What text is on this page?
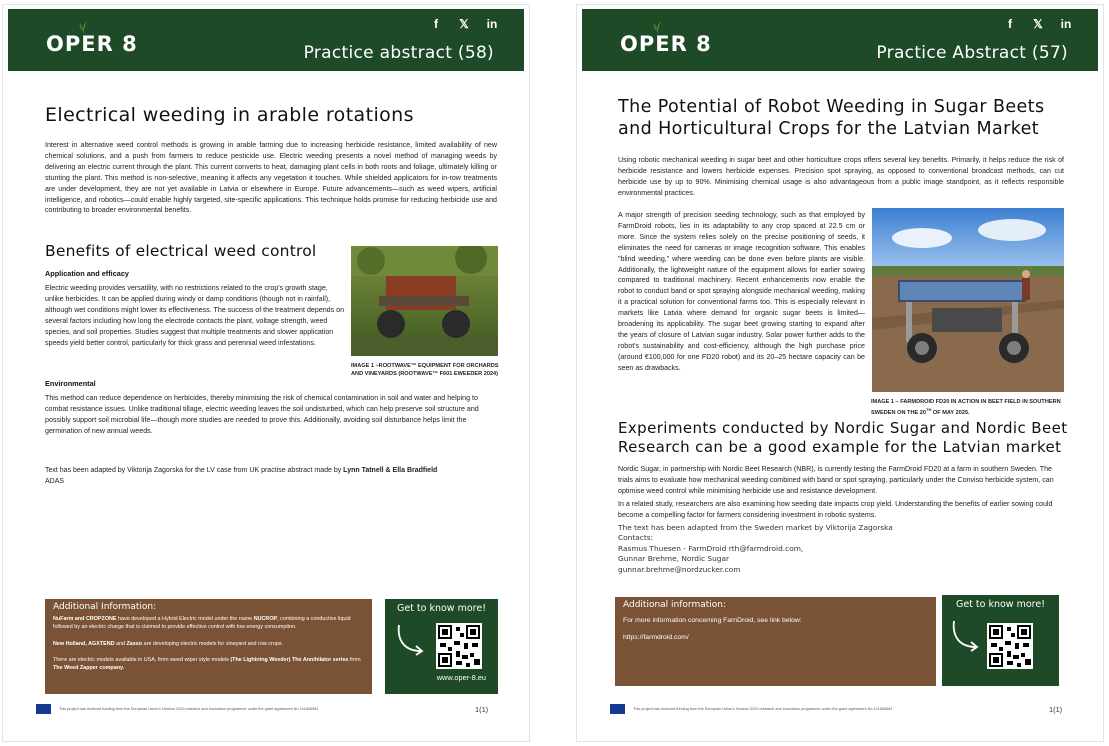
OPER 8
f	𝕏 in
Practice abstract (58)
Electrical weeding in arable rotations
Interest in alternative weed control methods is growing in arable farming due to increasing herbicide resistance, limited availability of new chemical solutions, and a push from farmers to reduce pesticide use. Electric weeding presents a novel method of managing weeds by delivering an electric current through the plant. This current converts to heat, damaging plant cells in both roots and foliage, ultimately killing or stunting the plant. This method is non-selective, meaning it affects any vegetation it touches. While shielded applicators for in-row treatments are under development, they are not yet available in Latvia or elsewhere in Europe. Future advancements—such as weed wipers, artificial intelligence, and robotics—could enable highly targeted, site-specific applications. This technique holds promise for reducing herbicide use and contributing to broader environmental benefits.
Benefits of electrical weed control
Application and efficacy
Electric weeding provides versatility, with no restrictions related to the crop's growth stage, unlike herbicides. It can be applied during windy or damp conditions (though not in rainfall), although wet conditions might lower its effectiveness. The success of the treatment depends on several factors including how long the electrode contacts the plant, voltage strength, weed species, and soil properties. Studies suggest that multiple treatments and slower application speeds yield better control, particularly for thick grass and perennial weed infestations.
IMAGE 1 –ROOTWAVE™ EQUIPMENT FOR ORCHARDS AND VINEYARDS (ROOTWAVE™ F601 EWEEDER 2024)
Environmental
This method can reduce dependence on herbicides, thereby minimising the risk of chemical contamination in soil and water and helping to combat resistance issues. Unlike traditional tillage, electric weeding leaves the soil undisturbed, which can help preserve soil structure and possibly support soil microbial life—though more studies are needed to prove this. Additionally, avoiding soil disturbance helps limit the germination of new annual weeds.
Text has been adapted by Viktorija Zagorska for the LV case from UK practise abstract made by Lynn Tatnell & Ella Bradfield
ADAS
Additional Information:
NuFarm and CROPZONE have developed a Hybrid Electric model under the name NUCROP, combining a conductive liquid followed by an electric charge that is claimed to provide effective control with low energy consumption.
New Holland, AGXTEND and Zasso are developing electric models for vineyard and row crops.
There are electric models available in USA, from weed wiper style models (The Lightning Weeder) The Annihilator series from The Weed Zapper company.
Get to know more!
www.oper-8.eu
This project has received funding from the European Union's Horizon 2020 research and innovation programme under the grant agreement No 101606581	1(1)
OPER 8
f	𝕏 in
Practice Abstract (57)
The Potential of Robot Weeding in Sugar Beets
and Horticultural Crops for the Latvian Market
Using robotic mechanical weeding in sugar beet and other horticulture crops offers several key benefits. Primarily, it helps reduce the risk of herbicide resistance and lowers herbicide expenses. Precision spot spraying, as opposed to conventional broadcast methods, can cut herbicide use by up to 90%. Minimising chemical usage is also advantageous from a public image standpoint, as it reflects responsible environmental practices.
A major strength of precision seeding technology, such as that employed by FarmDroid robots, lies in its adaptability to any crop spaced at 22.5 cm or more. Since the system relies solely on the precise positioning of seeds, it eliminates the need for cameras or image recognition software. This enables "blind weeding," where weeding can be done even before plants are visible. Additionally, the lightweight nature of the equipment allows for earlier sowing compared to traditional machinery. Recent enhancements now enable the robot to conduct band or spot spraying alongside mechanical weeding, making it a practical solution for conventional farms too. This is especially relevant in markets like Latvia where demand for organic sugar beets is limited—broadening its applicability. The sugar beet growing starting to expand after the years of closure of Latvian sugar industry. Solar power further adds to the robot's sustainability and cost-efficiency, although the high purchase price (around €100,000 for one FD20 robot) and its 20–25 hectare capacity can be seen as drawbacks.
IMAGE 1 – FARMDROID FD20 IN ACTION IN BEET FIELD IN SOUTHERN SWEDEN ON THE 20TH OF MAY 2025.
Experiments conducted by Nordic Sugar and Nordic Beet
Research can be a good example for the Latvian market
Nordic Sugar, in partnership with Nordic Beet Research (NBR), is currently testing the FarmDroid FD20 at a farm in southern Sweden. The trials aims to evaluate how mechanical weeding combined with band or spot spraying, particularly under the Conviso herbicide system, can optimise weed control while minimising herbicide use and resistance development.
In a related study, researchers are also examining how seeding date impacts crop yield. Understanding the benefits of earlier sowing could become a compelling factor for farmers considering investment in robotic systems.
The text has been adapted from the Sweden market by Viktorija Zagorska
Contacts:
Rasmus Thuesen - FarmDroid rth@farmdroid.com,
Gunnar Brehme, Nordic Sugar
gunnar.brehme@nordzucker.com
Additional information:
For more information concerning FarnDroid, see link below:
https://farmdroid.com/
Get to know more!
This project has received funding from the European Union's Horizon 2020 research and innovation programme under the grant agreement No 101606581	1(1)
